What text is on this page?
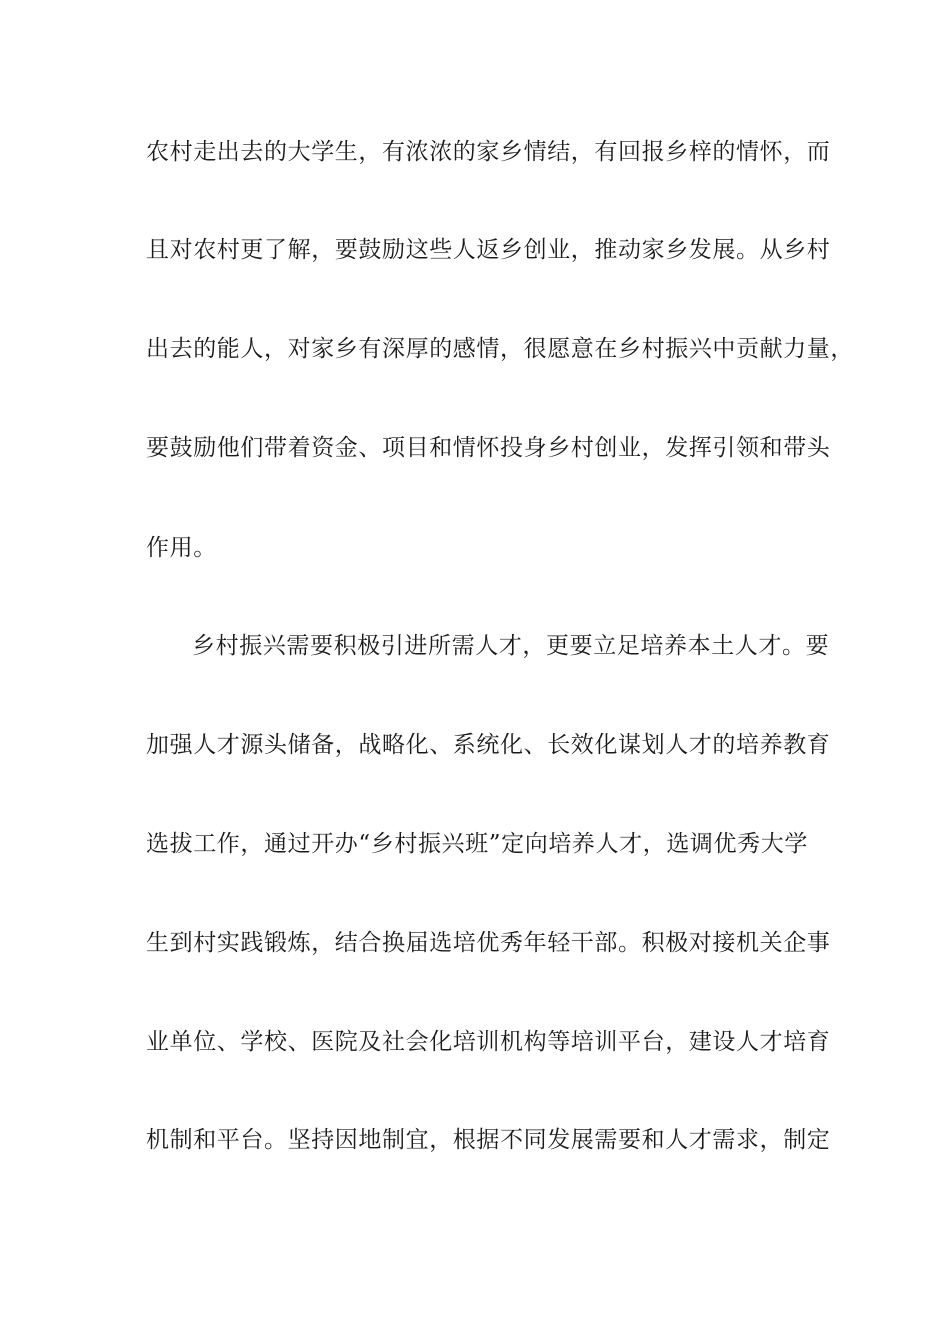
农村走出去的大学生，有浓浓的家乡情结，有回报乡梓的情怀，而
且对农村更了解，要鼓励这些人返乡创业，推动家乡发展。从乡村
出去的能人，对家乡有深厚的感情，很愿意在乡村振兴中贡献力量，
要鼓励他们带着资金、项目和情怀投身乡村创业，发挥引领和带头
作用。
乡村振兴需要积极引进所需人才，更要立足培养本土人才。要
加强人才源头储备，战略化、系统化、长效化谋划人才的培养教育
选拔工作，通过开办“乡村振兴班”定向培养人才，选调优秀大学
生到村实践锻炼，结合换届选培优秀年轻干部。积极对接机关企事
业单位、学校、医院及社会化培训机构等培训平台，建设人才培育
机制和平台。坚持因地制宜，根据不同发展需要和人才需求，制定
